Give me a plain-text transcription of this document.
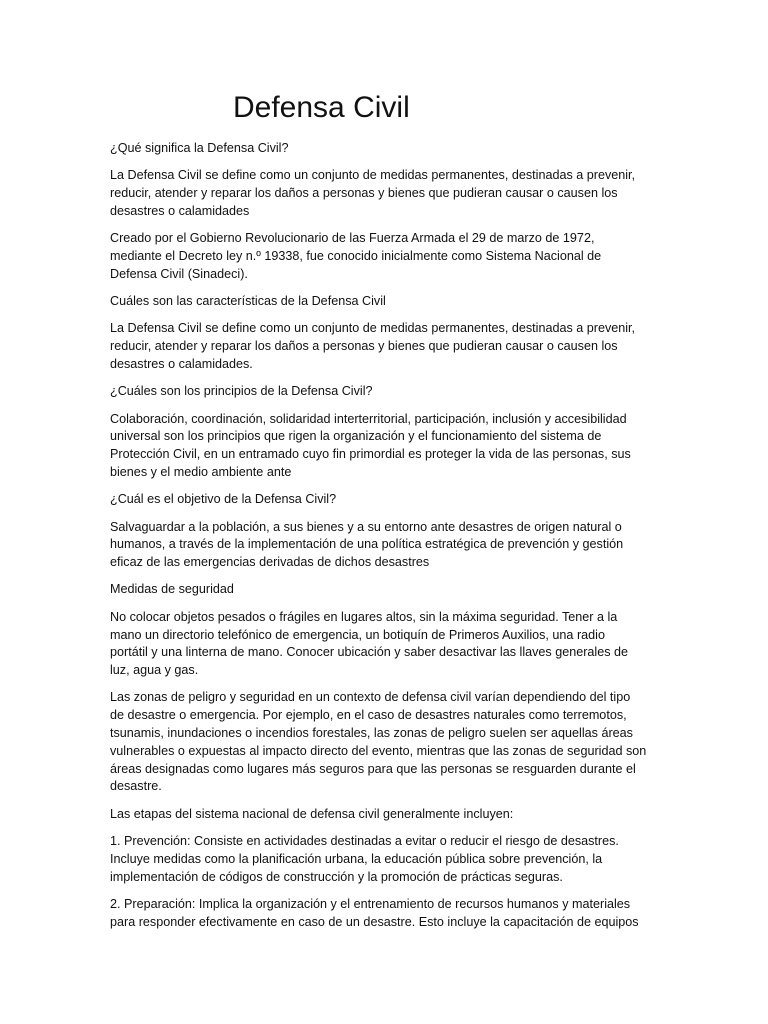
Defensa Civil

¿Qué significa la Defensa Civil?

La Defensa Civil se define como un conjunto de medidas permanentes, destinadas a prevenir,
reducir, atender y reparar los daños a personas y bienes que pudieran causar o causen los
desastres o calamidades

Creado por el Gobierno Revolucionario de las Fuerza Armada el 29 de marzo de 1972,
mediante el Decreto ley n.º 19338, fue conocido inicialmente como Sistema Nacional de
Defensa Civil (Sinadeci).

Cuáles son las características de la Defensa Civil

La Defensa Civil se define como un conjunto de medidas permanentes, destinadas a prevenir,
reducir, atender y reparar los daños a personas y bienes que pudieran causar o causen los
desastres o calamidades.

¿Cuáles son los principios de la Defensa Civil?

Colaboración, coordinación, solidaridad interterritorial, participación, inclusión y accesibilidad
universal son los principios que rigen la organización y el funcionamiento del sistema de
Protección Civil, en un entramado cuyo fin primordial es proteger la vida de las personas, sus
bienes y el medio ambiente ante

¿Cuál es el objetivo de la Defensa Civil?

Salvaguardar a la población, a sus bienes y a su entorno ante desastres de origen natural o
humanos, a través de la implementación de una política estratégica de prevención y gestión
eficaz de las emergencias derivadas de dichos desastres

Medidas de seguridad

No colocar objetos pesados o frágiles en lugares altos, sin la máxima seguridad. Tener a la
mano un directorio telefónico de emergencia, un botiquín de Primeros Auxilios, una radio
portátil y una linterna de mano. Conocer ubicación y saber desactivar las llaves generales de
luz, agua y gas.

Las zonas de peligro y seguridad en un contexto de defensa civil varían dependiendo del tipo
de desastre o emergencia. Por ejemplo, en el caso de desastres naturales como terremotos,
tsunamis, inundaciones o incendios forestales, las zonas de peligro suelen ser aquellas áreas
vulnerables o expuestas al impacto directo del evento, mientras que las zonas de seguridad son
áreas designadas como lugares más seguros para que las personas se resguarden durante el
desastre.

Las etapas del sistema nacional de defensa civil generalmente incluyen:

1. Prevención: Consiste en actividades destinadas a evitar o reducir el riesgo de desastres.
Incluye medidas como la planificación urbana, la educación pública sobre prevención, la
implementación de códigos de construcción y la promoción de prácticas seguras.

2. Preparación: Implica la organización y el entrenamiento de recursos humanos y materiales
para responder efectivamente en caso de un desastre. Esto incluye la capacitación de equipos
